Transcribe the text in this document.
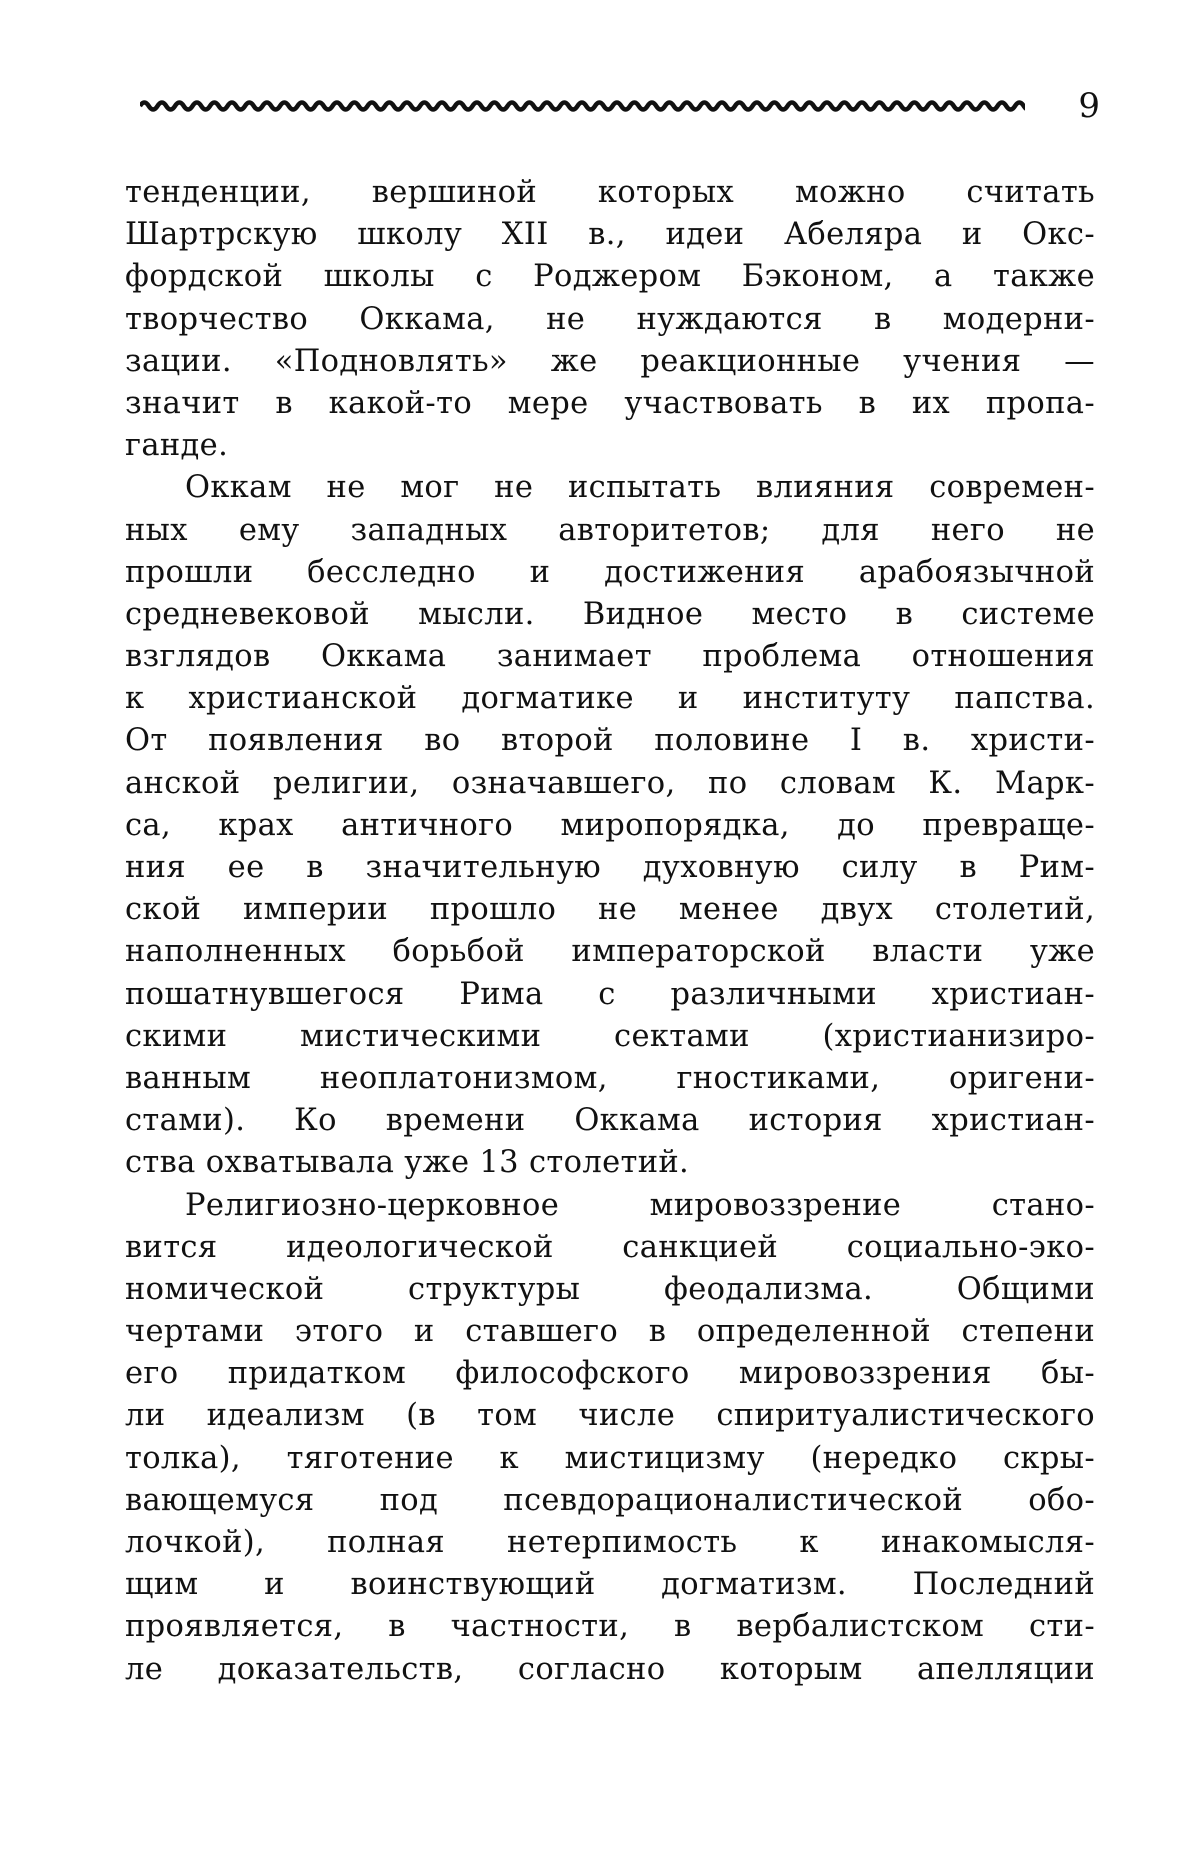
9
тенденции, вершиной которых можно считать
Шартрскую школу XII в., идеи Абеляра и Окс-
фордской школы с Роджером Бэконом, а также
творчество Оккама, не нуждаются в модерни-
зации. «Подновлять» же реакционные учения —
значит в какой-то мере участвовать в их пропа-
ганде.
Оккам не мог не испытать влияния современ-
ных ему западных авторитетов; для него не
прошли бесследно и достижения арабоязычной
средневековой мысли. Видное место в системе
взглядов Оккама занимает проблема отношения
к христианской догматике и институту папства.
От появления во второй половине I в. христи-
анской религии, означавшего, по словам К. Марк-
са, крах античного миропорядка, до превраще-
ния ее в значительную духовную силу в Рим-
ской империи прошло не менее двух столетий,
наполненных борьбой императорской власти уже
пошатнувшегося Рима с различными христиан-
скими мистическими сектами (христианизиро-
ванным неоплатонизмом, гностиками, оригени-
стами). Ко времени Оккама история христиан-
ства охватывала уже 13 столетий.
Религиозно-церковное мировоззрение стано-
вится идеологической санкцией социально-эко-
номической структуры феодализма. Общими
чертами этого и ставшего в определенной степени
его придатком философского мировоззрения бы-
ли идеализм (в том числе спиритуалистического
толка), тяготение к мистицизму (нередко скры-
вающемуся под псевдорационалистической обо-
лочкой), полная нетерпимость к инакомысля-
щим и воинствующий догматизм. Последний
проявляется, в частности, в вербалистском сти-
ле доказательств, согласно которым апелляции
